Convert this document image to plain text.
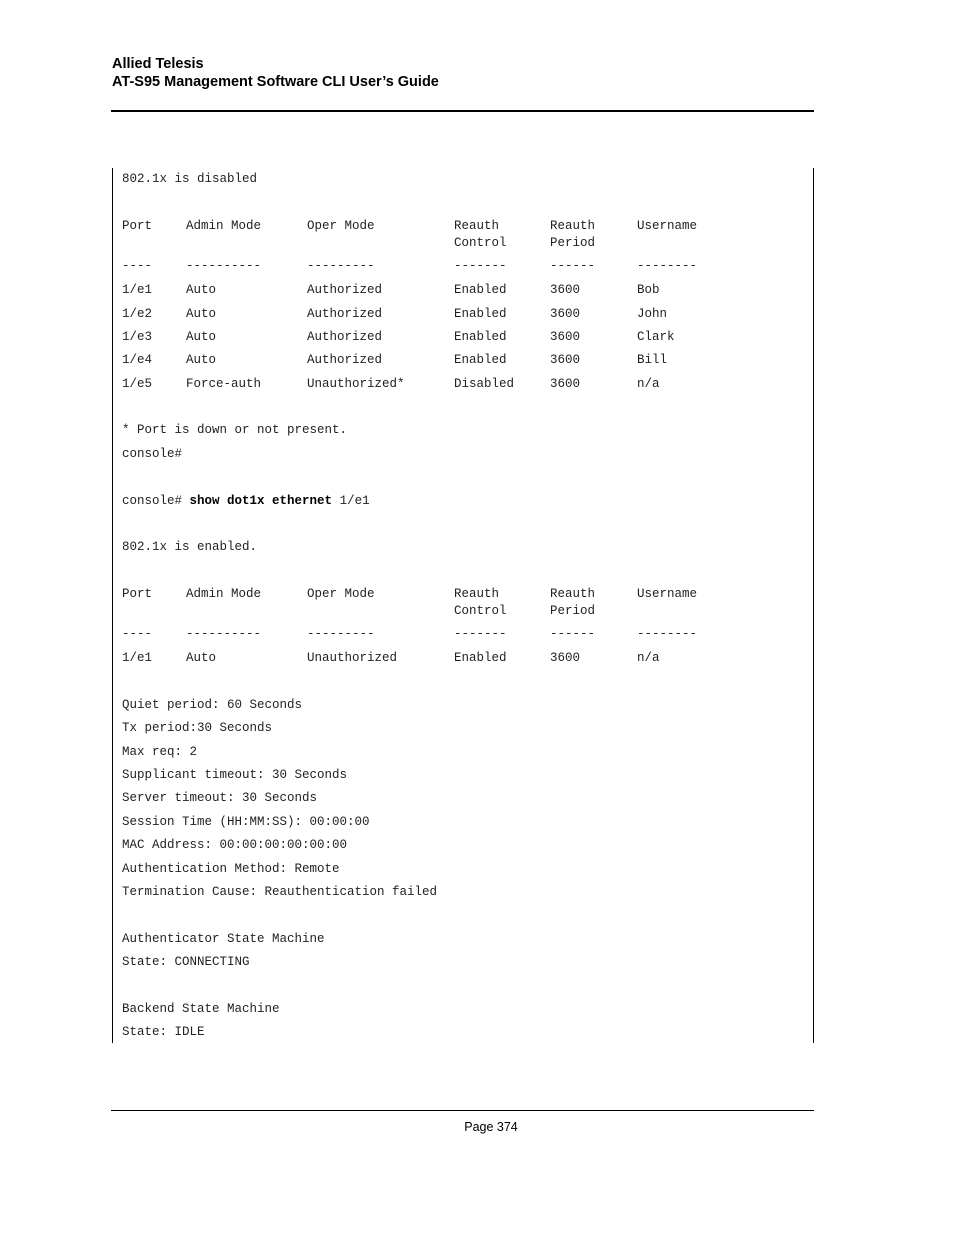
Allied Telesis
AT-S95 Management Software CLI User’s Guide
802.1x is disabled
Port	Admin Mode	Oper Mode	Reauth	Reauth	Username
Control	Period
----	----------	---------	-------	------	--------
1/e1	Auto	Authorized	Enabled	3600	Bob
1/e2	Auto	Authorized	Enabled	3600	John
1/e3	Auto	Authorized	Enabled	3600	Clark
1/e4	Auto	Authorized	Enabled	3600	Bill
1/e5	Force-auth	Unauthorized*	Disabled	3600	n/a
* Port is down or not present.
console#
console# show dot1x ethernet 1/e1
802.1x is enabled.
Port	Admin Mode	Oper Mode	Reauth	Reauth	Username
Control	Period
----	----------	---------	-------	------	--------
1/e1	Auto	Unauthorized	Enabled	3600	n/a
Quiet period: 60 Seconds
Tx period:30 Seconds
Max req: 2
Supplicant timeout: 30 Seconds
Server timeout: 30 Seconds
Session Time (HH:MM:SS): 00:00:00
MAC Address: 00:00:00:00:00:00
Authentication Method: Remote
Termination Cause: Reauthentication failed
Authenticator State Machine
State: CONNECTING
Backend State Machine
State: IDLE
Page 374
